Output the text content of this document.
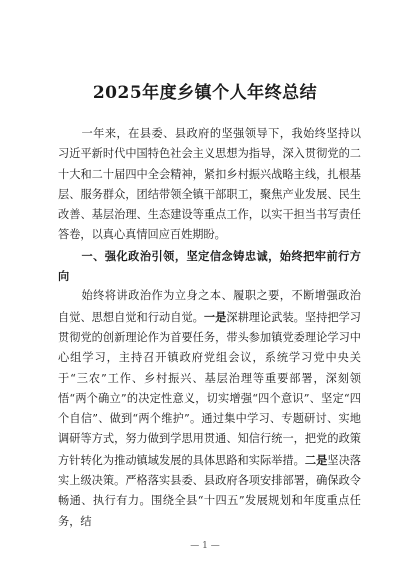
2025年度乡镇个人年终总结

一年来，在县委、县政府的坚强领导下，我始终坚持以习近平新时代中国特色社会主义思想为指导，深入贯彻党的二十大和二十届四中全会精神，紧扣乡村振兴战略主线，扎根基层、服务群众，团结带领全镇干部职工，聚焦产业发展、民生改善、基层治理、生态建设等重点工作，以实干担当书写责任答卷，以真心真情回应百姓期盼。

一、强化政治引领，坚定信念铸忠诚，始终把牢前行方向

始终将讲政治作为立身之本、履职之要，不断增强政治自觉、思想自觉和行动自觉。一是深耕理论武装。坚持把学习贯彻党的创新理论作为首要任务，带头参加镇党委理论学习中心组学习，主持召开镇政府党组会议，系统学习党中央关于“三农”工作、乡村振兴、基层治理等重要部署，深刻领悟“两个确立”的决定性意义，切实增强“四个意识”、坚定“四个自信”、做到“两个维护”。通过集中学习、专题研讨、实地调研等方式，努力做到学思用贯通、知信行统一，把党的政策方针转化为推动镇域发展的具体思路和实际举措。二是坚决落实上级决策。严格落实县委、县政府各项安排部署，确保政令畅通、执行有力。围绕全县“十四五”发展规划和年度重点任务，结

— 1 —
